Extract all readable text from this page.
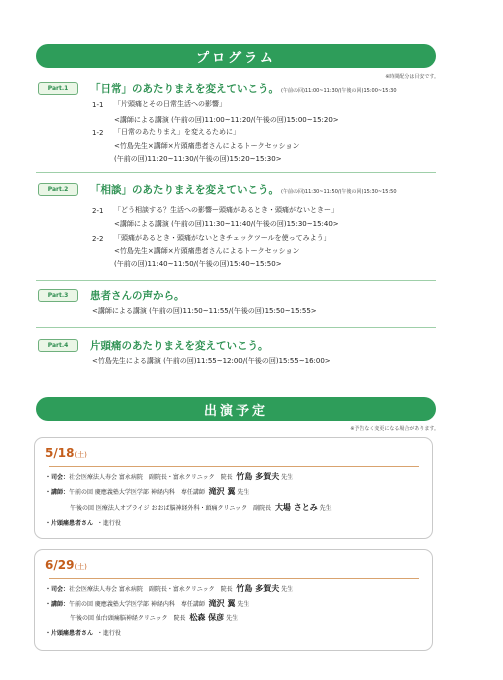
プログラム
※時間配分は目安です。
Part.1	「日常」のあたりまえを変えていこう。 (午前の回)11:00~11:30/(午後の回)15:00~15:30
1-1 「片頭痛とその日常生活への影響」
<講師による講演 (午前の回)11:00~11:20/(午後の回)15:00~15:20>
1-2 「日常のあたりまえ」を変えるために」
<竹島先生×講師×片頭痛患者さんによるトークセッション
(午前の回)11:20~11:30/(午後の回)15:20~15:30>
Part.2	「相談」のあたりまえを変えていこう。 (午前の回)11:30~11:50/(午後の回)15:30~15:50
2-1 「どう相談する？生活への影響ー頭痛があるとき・頭痛がないときー」
<講師による講演 (午前の回)11:30~11:40/(午後の回)15:30~15:40>
2-2 「頭痛があるとき・頭痛がないときチェックツールを使ってみよう」
<竹島先生×講師×片頭痛患者さんによるトークセッション
(午前の回)11:40~11:50/(午後の回)15:40~15:50>
Part.3	患者さんの声から。
<講師による講演 (午前の回)11:50~11:55/(午後の回)15:50~15:55>
Part.4	片頭痛のあたりまえを変えていこう。
<竹島先生による講演 (午前の回)11:55~12:00/(午後の回)15:55~16:00>
出演予定
※予告なく変更になる場合があります。
5/18(土)
・司会：社会医療法人寿会 富永病院　副院長・富永クリニック　院長 竹島 多賀夫 先生
・講師：午前の回 慶應義塾大学医学部 神経内科　専任講師 滝沢 翼 先生
午後の回 医療法人オブライジ おおば脳神経外科・頭痛クリニック　副院長 大場 さとみ 先生
・片頭痛患者さん ・進行役
6/29(土)
・司会：社会医療法人寿会 富永病院　副院長・富永クリニック　院長 竹島 多賀夫 先生
・講師：午前の回 慶應義塾大学医学部 神経内科　専任講師 滝沢 翼 先生
午後の回 仙台頭痛脳神経クリニック　院長 松森 保彦 先生
・片頭痛患者さん ・進行役
